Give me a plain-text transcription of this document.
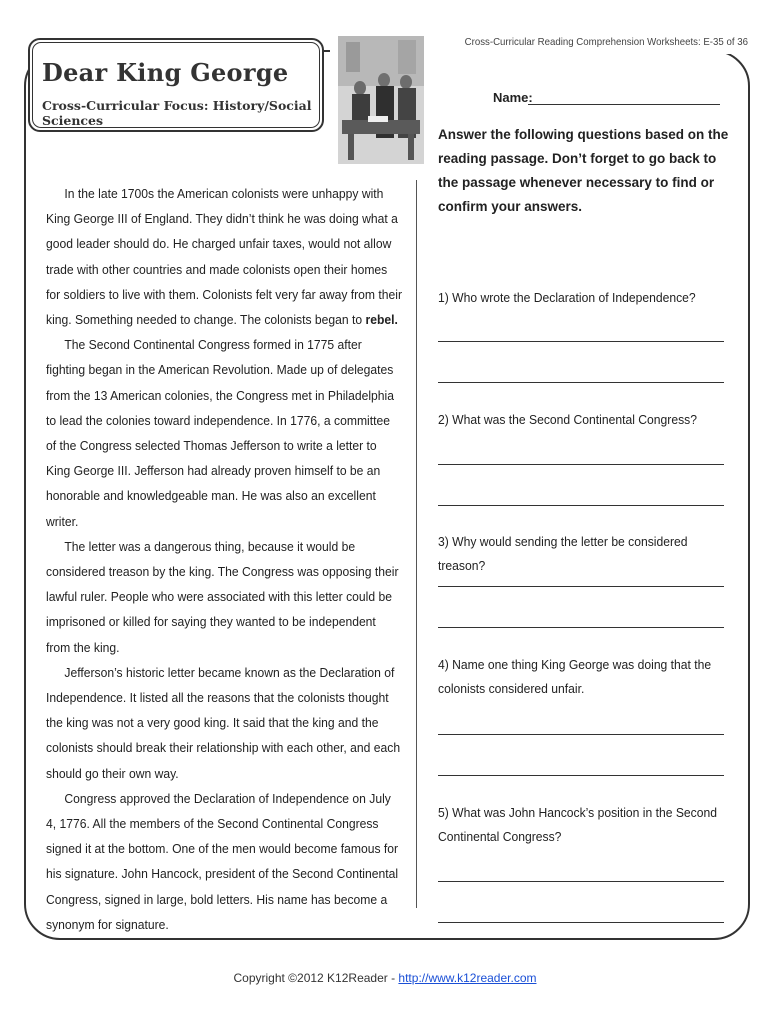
Cross-Curricular Reading Comprehension Worksheets: E-35 of 36
Dear King George
Cross-Curricular Focus: History/Social Sciences
Name:
Answer the following questions based on the reading passage. Don’t forget to go back to the passage whenever necessary to find or confirm your answers.

In the late 1700s the American colonists were unhappy with King George III of England. They didn’t think he was doing what a good leader should do. He charged unfair taxes, would not allow trade with other countries and made colonists open their homes for soldiers to live with them. Colonists felt very far away from their king. Something needed to change. The colonists began to rebel.

The Second Continental Congress formed in 1775 after fighting began in the American Revolution. Made up of delegates from the 13 American colonies, the Congress met in Philadelphia to lead the colonies toward independence. In 1776, a committee of the Congress selected Thomas Jefferson to write a letter to King George III. Jefferson had already proven himself to be an honorable and knowledgeable man. He was also an excellent writer.

The letter was a dangerous thing, because it would be considered treason by the king. The Congress was opposing their lawful ruler. People who were associated with this letter could be imprisoned or killed for saying they wanted to be independent from the king.

Jefferson’s historic letter became known as the Declaration of Independence. It listed all the reasons that the colonists thought the king was not a very good king. It said that the king and the colonists should break their relationship with each other, and each should go their own way.

Congress approved the Declaration of Independence on July 4, 1776. All the members of the Second Continental Congress signed it at the bottom. One of the men would become famous for his signature. John Hancock, president of the Second Continental Congress, signed in large, bold letters. His name has become a synonym for signature.

1) Who wrote the Declaration of Independence?
2) What was the Second Continental Congress?
3) Why would sending the letter be considered treason?
4) Name one thing King George was doing that the colonists considered unfair.
5) What was John Hancock’s position in the Second Continental Congress?
Copyright ©2012 K12Reader - http://www.k12reader.com
